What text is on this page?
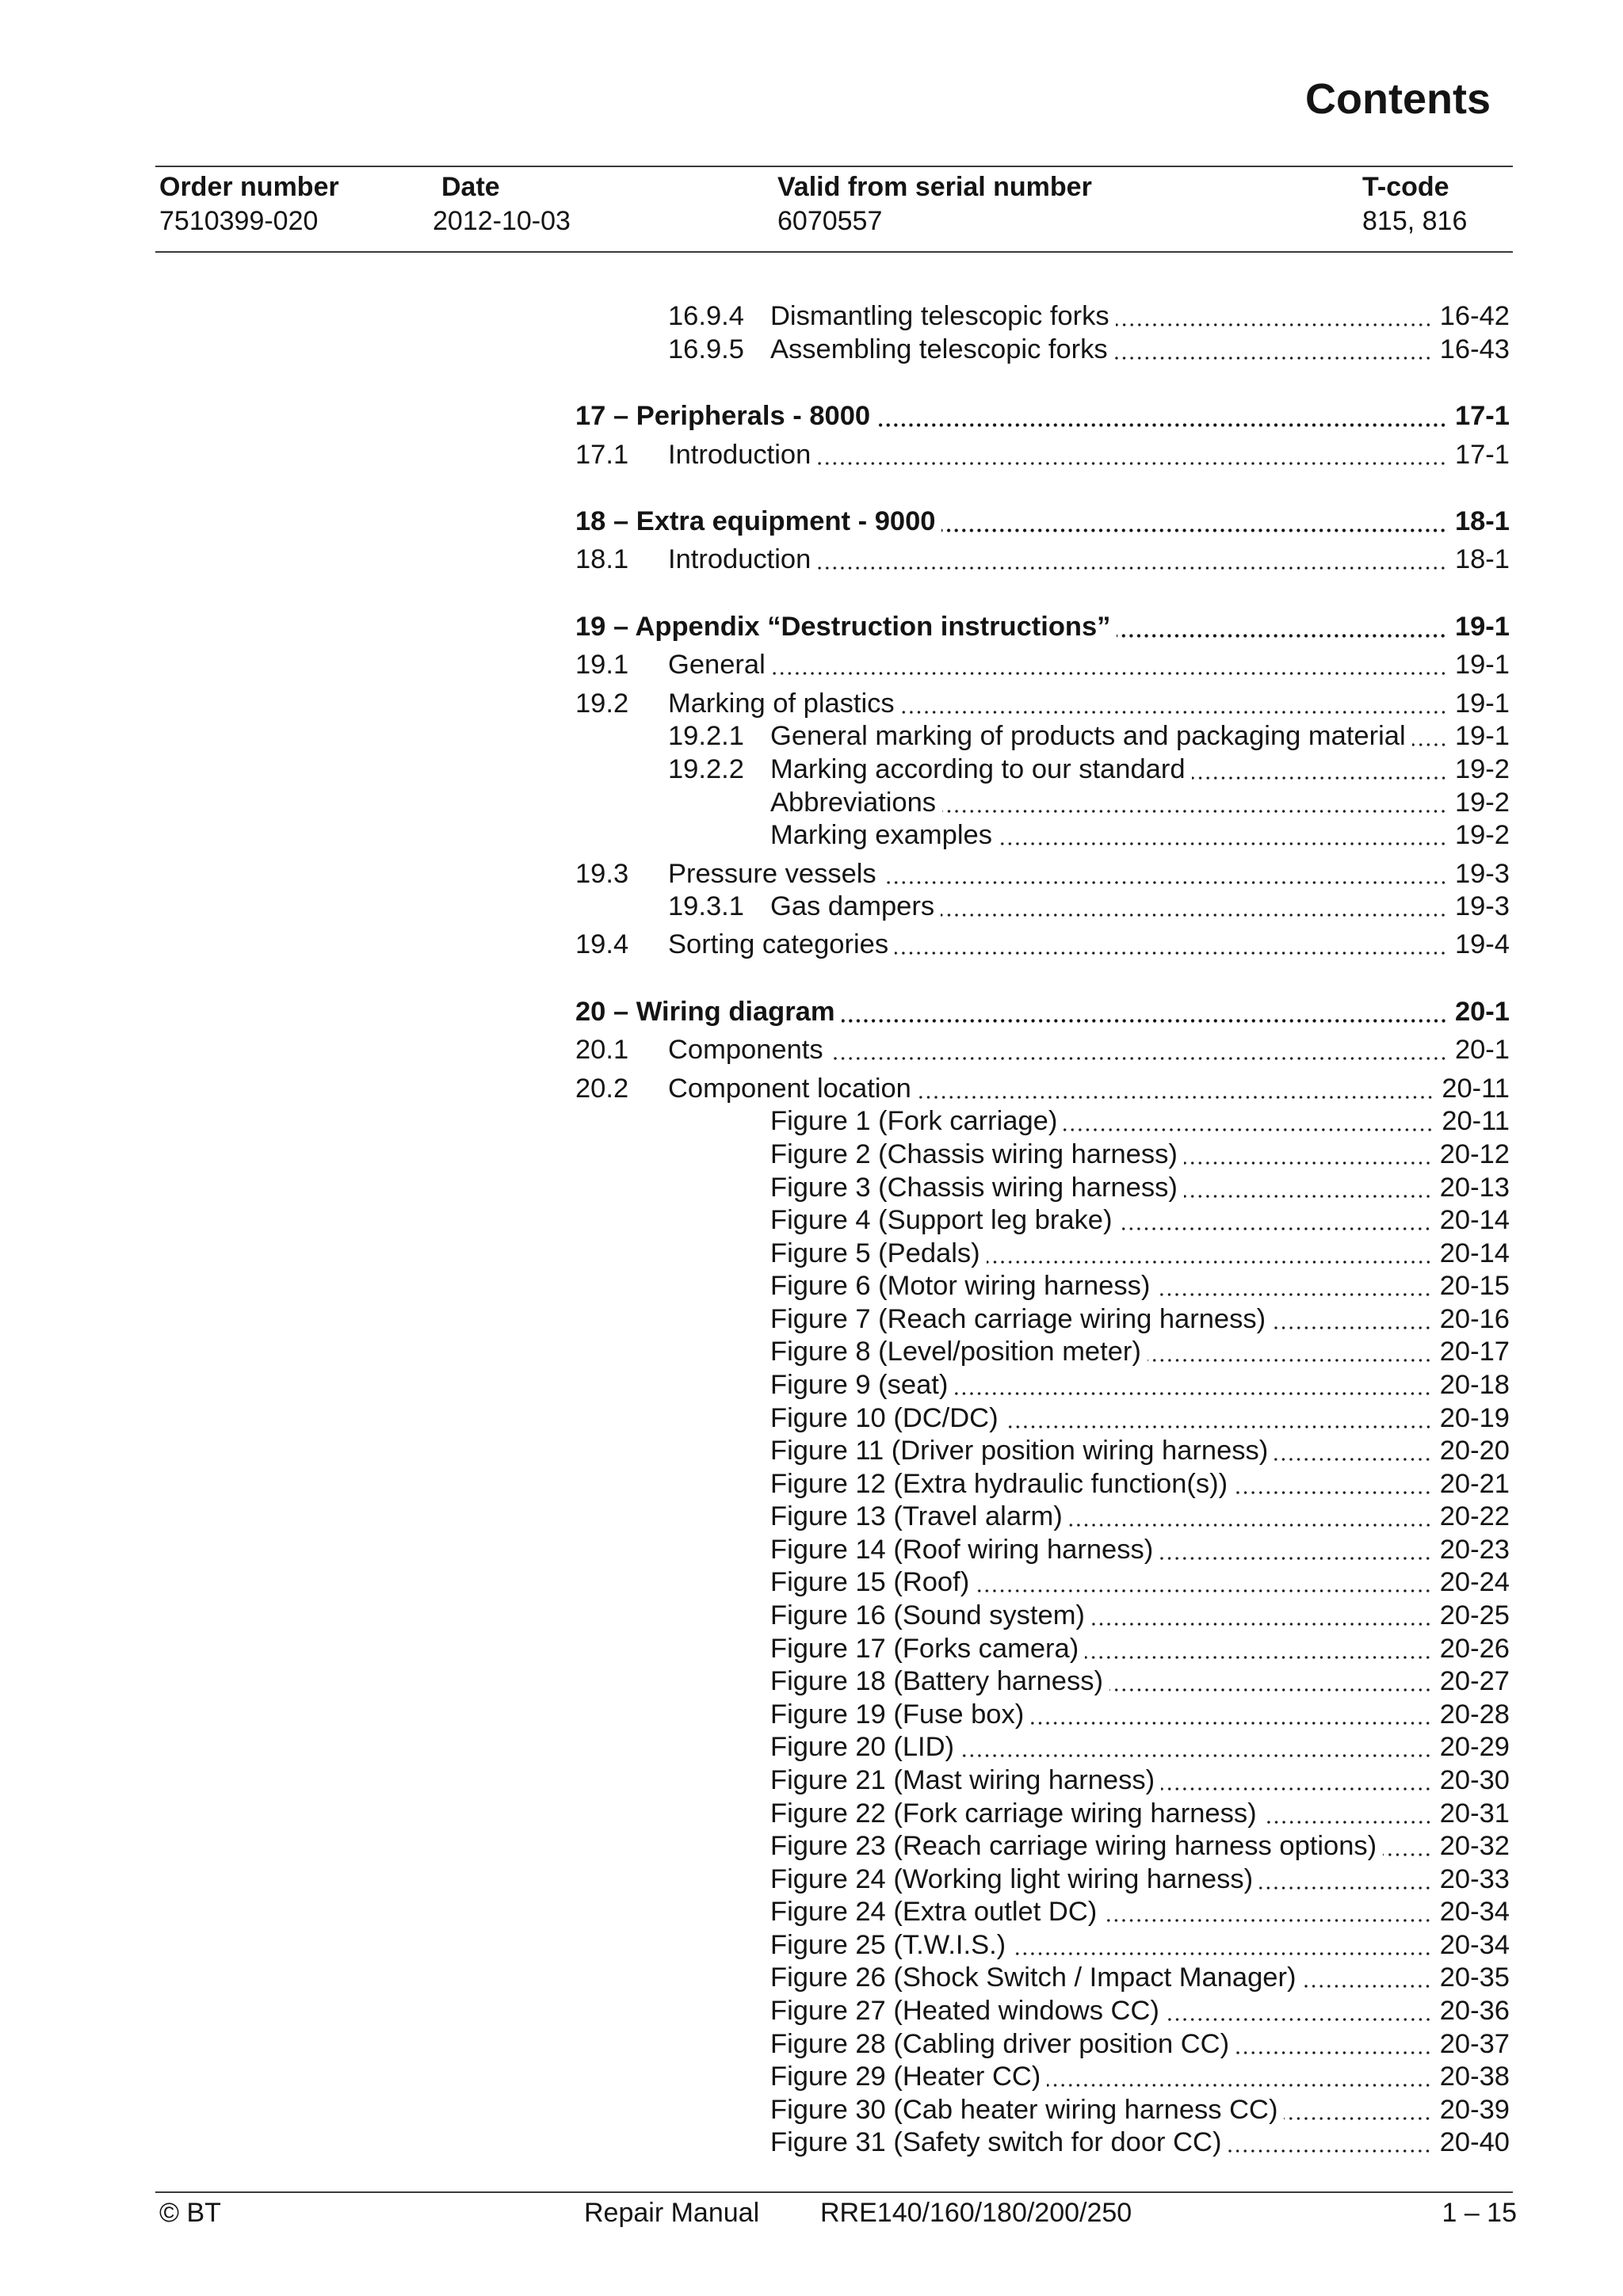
Contents
Order number	Date	Valid from serial number	T-code
7510399-020	2012-10-03	6070557	815, 816
16.9.4 Dismantling telescopic forks	16-42
16.9.5 Assembling telescopic forks	16-43
17 – Peripherals - 8000	17-1
17.1	Introduction	17-1
18 – Extra equipment - 9000	18-1
18.1	Introduction	18-1
19 – Appendix “Destruction instructions”	19-1
19.1	General	19-1
19.2	Marking of plastics	19-1
19.2.1 General marking of products and packaging material 19-1
19.2.2 Marking according to our standard	19-2
Abbreviations	19-2
Marking examples	19-2
19.3	Pressure vessels	19-3
19.3.1 Gas dampers	19-3
19.4	Sorting categories	19-4
20 – Wiring diagram	20-1
20.1	Components	20-1
20.2	Component location	20-11
Figure 1 (Fork carriage)	20-11
Figure 2 (Chassis wiring harness)	20-12
Figure 3 (Chassis wiring harness)	20-13
Figure 4 (Support leg brake)	20-14
Figure 5 (Pedals)	20-14
Figure 6 (Motor wiring harness)	20-15
Figure 7 (Reach carriage wiring harness)	20-16
Figure 8 (Level/position meter)	20-17
Figure 9 (seat)	20-18
Figure 10 (DC/DC)	20-19
Figure 11 (Driver position wiring harness)	20-20
Figure 12 (Extra hydraulic function(s))	20-21
Figure 13 (Travel alarm)	20-22
Figure 14 (Roof wiring harness)	20-23
Figure 15 (Roof)	20-24
Figure 16 (Sound system)	20-25
Figure 17 (Forks camera)	20-26
Figure 18 (Battery harness)	20-27
Figure 19 (Fuse box)	20-28
Figure 20 (LID)	20-29
Figure 21 (Mast wiring harness)	20-30
Figure 22 (Fork carriage wiring harness)	20-31
Figure 23 (Reach carriage wiring harness options) 20-32
Figure 24 (Working light wiring harness)	20-33
Figure 24 (Extra outlet DC)	20-34
Figure 25 (T.W.I.S.)	20-34
Figure 26 (Shock Switch / Impact Manager)	20-35
Figure 27 (Heated windows CC)	20-36
Figure 28 (Cabling driver position CC)	20-37
Figure 29 (Heater CC)	20-38
Figure 30 (Cab heater wiring harness CC)	20-39
Figure 31 (Safety switch for door CC)	20-40
© BT	Repair Manual RRE140/160/180/200/250	1 – 15
